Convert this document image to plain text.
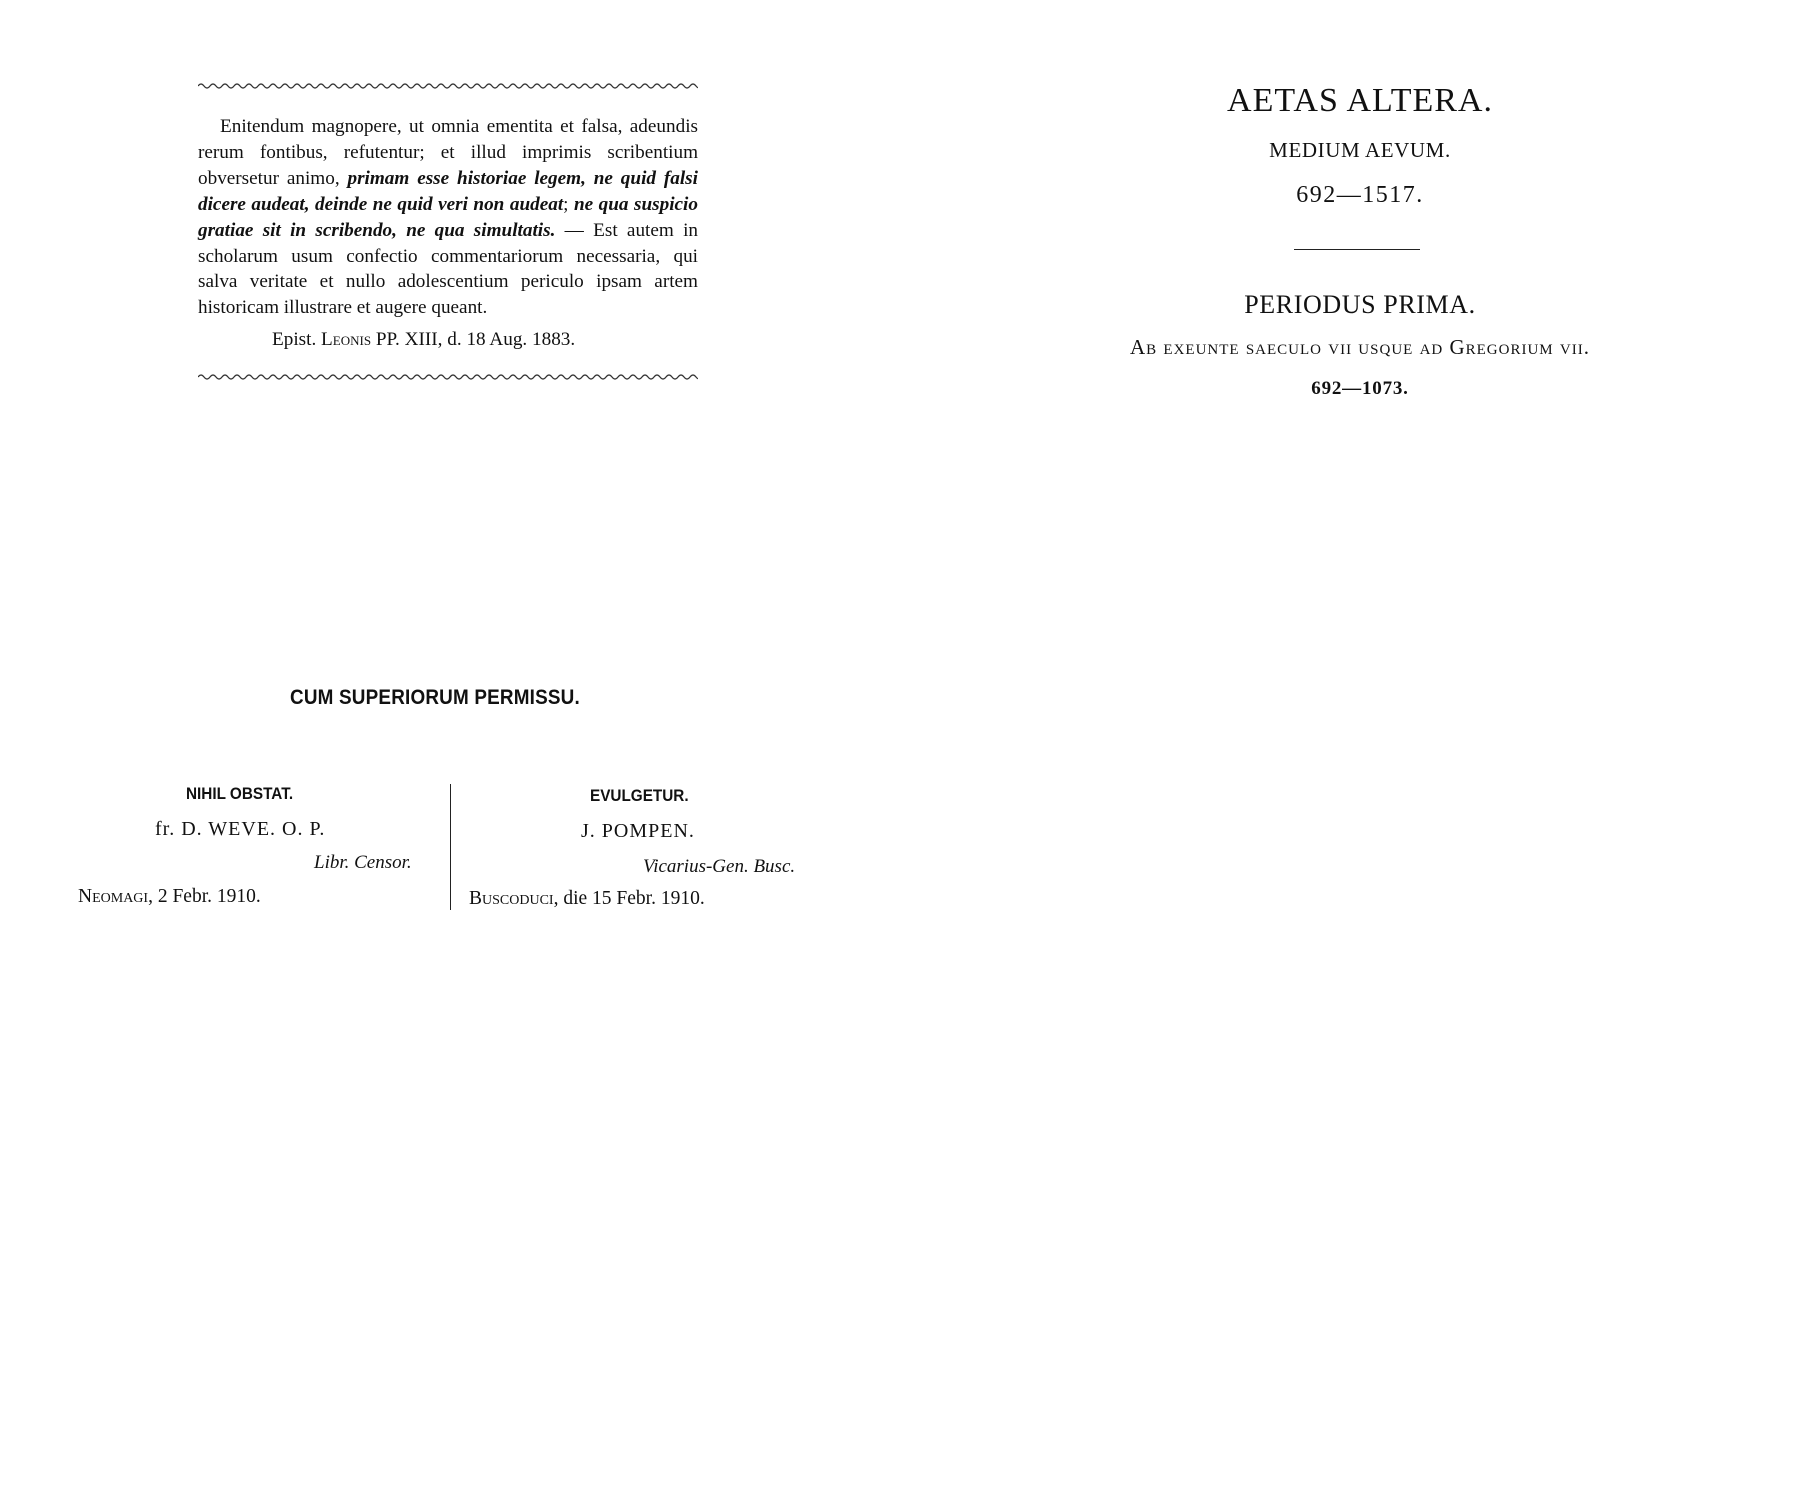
Enitendum magnopere, ut omnia ementita et falsa, adeundis rerum fontibus, refutentur; et illud imprimis scribentium obversetur animo, primam esse historiae legem, ne quid falsi dicere audeat, deinde ne quid veri non audeat; ne qua suspicio gratiae sit in scribendo, ne qua simultatis. — Est autem in scholarum usum confectio commentariorum necessaria, qui salva veritate et nullo adolescentium periculo ipsam artem historicam illustrare et augere queant.

Epist. Leonis PP. XIII, d. 18 Aug. 1883.
CUM SUPERIORUM PERMISSU.
NIHIL OBSTAT.
fr. D. WEVE. O. P.
Libr. Censor.
Neomagi, 2 Febr. 1910.
EVULGETUR.
J. POMPEN.
Vicarius-Gen. Busc.
Buscoduci, die 15 Febr. 1910.
AETAS ALTERA.
MEDIUM AEVUM.
692—1517.
PERIODUS PRIMA.
Ab exeunte saeculo vii usque ad Gregorium vii.
692—1073.
